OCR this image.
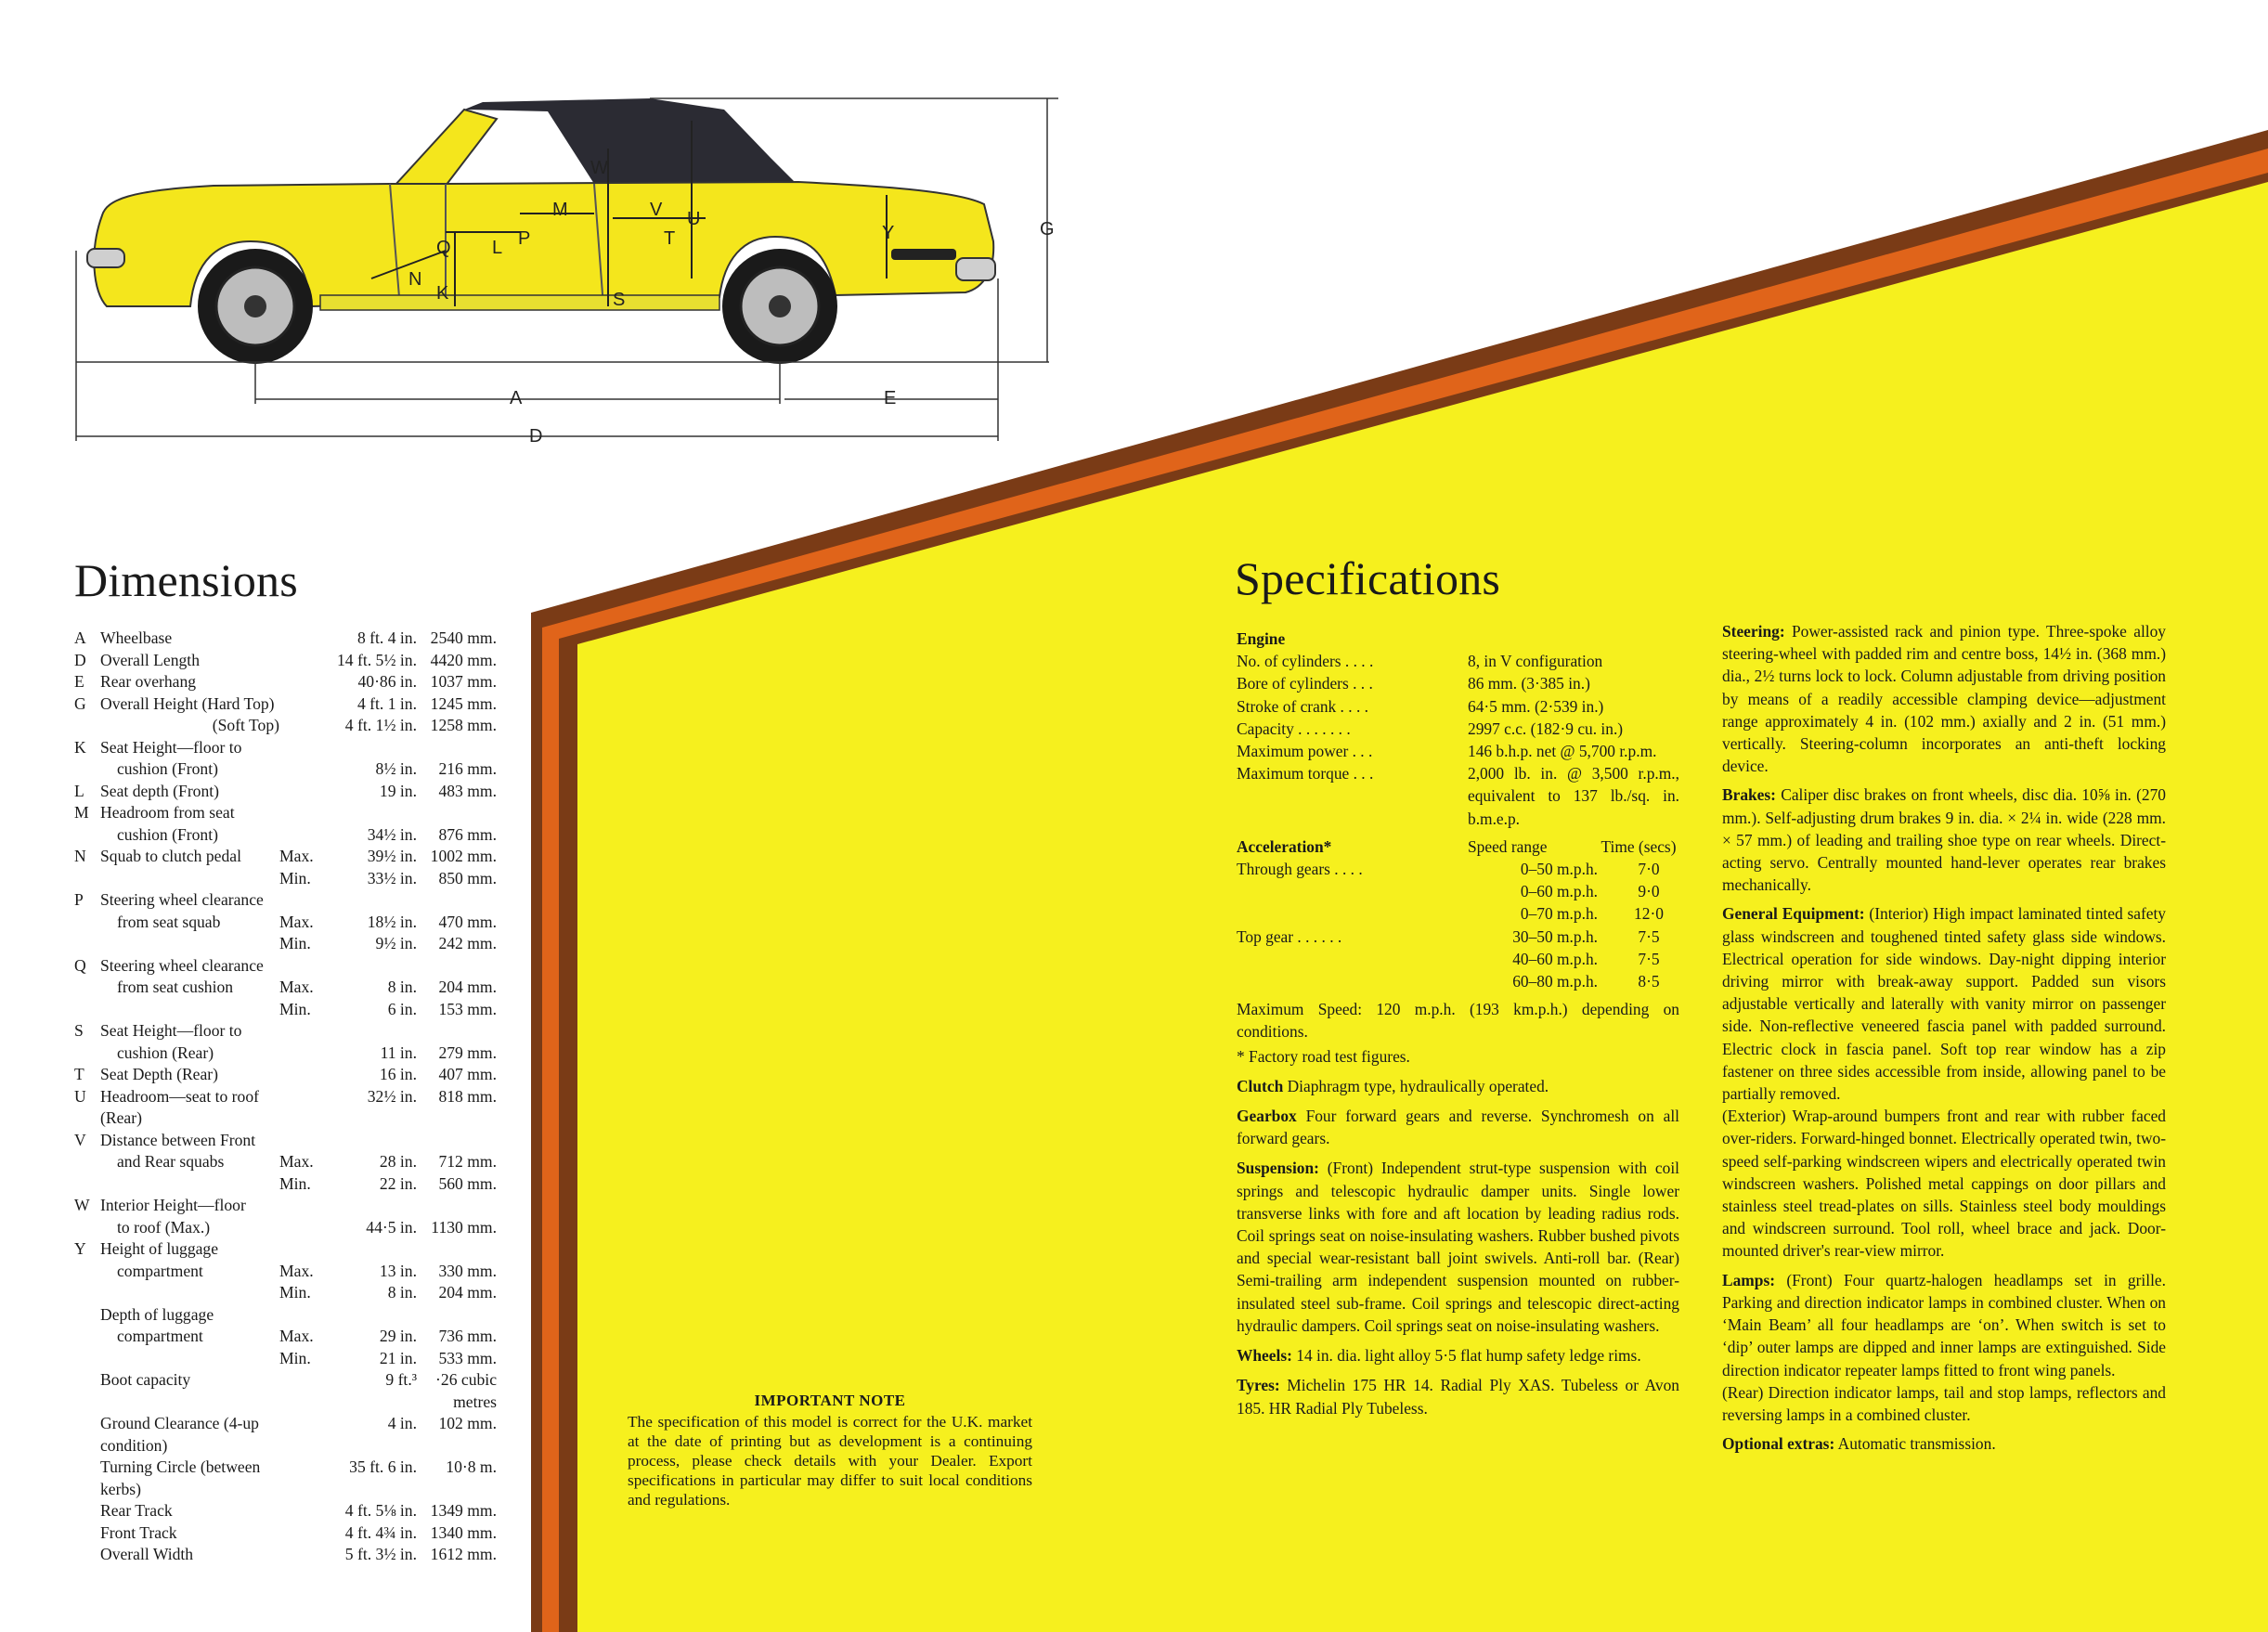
G
A	E
D
W
M	V U
P
Q L	T	Y
N
K	S
Dimensions
A Wheelbase	8 ft. 4 in. 2540 mm.
D Overall Length	14 ft. 5½ in. 4420 mm.
E Rear overhang	40·86 in. 1037 mm.
G Overall Height (Hard Top)	4 ft. 1 in. 1245 mm.
(Soft Top)	4 ft. 1½ in. 1258 mm.
K Seat Height—floor to
cushion (Front)	8½ in.	216 mm.
L Seat depth (Front)	19 in.	483 mm.
M Headroom from seat
cushion (Front)	34½ in.	876 mm.
N Squab to clutch pedal	Max.	39½ in. 1002 mm.
Min.	33½ in.	850 mm.
P	Steering wheel clearance
from seat squab	Max.	18½ in.	470 mm.
Min.	9½ in.	242 mm.
Q Steering wheel clearance
from seat cushion	Max.	8 in.	204 mm.
Min.	6 in.	153 mm.
S	Seat Height—floor to
cushion (Rear)	11 in.	279 mm.
T Seat Depth (Rear)	16 in.	407 mm.
U Headroom—seat to roof (Rear)
32½ in.	818 mm.
V Distance between Front
and Rear squabs	Max.	28 in.	712 mm.
Min.	22 in.	560 mm.
W Interior Height—floor
to roof (Max.)	44·5 in. 1130 mm.
Y Height of luggage
compartment	Max.	13 in.	330 mm.
Min.	8 in.	204 mm.
Depth of luggage
compartment	Max.	29 in.	736 mm.
Min.	21 in.	533 mm.
Boot capacity	9 ft.³	·26 cubic metres
Ground Clearance (4-up condition)
4 in.	102 mm.
Turning Circle (between kerbs)
35 ft. 6 in.	10·8 m.
Rear Track	4 ft. 5⅛ in. 1349 mm.
Front Track	4 ft. 4¾ in. 1340 mm.
Overall Width	5 ft. 3½ in. 1612 mm.
IMPORTANT NOTE
The specification of this model is correct for the U.K. market at the date of printing but as development is a continuing process, please check details with your Dealer. Export specifications in particular may differ to suit local conditions and regulations.
Specifications
Engine
No. of cylinders . . . .	8, in V configuration
Bore of cylinders . . .	86 mm. (3·385 in.)
Stroke of crank . . . .	64·5 mm. (2·539 in.)
Capacity . . . . . . .	2997 c.c. (182·9 cu. in.)
Maximum power . . .	146 b.h.p. net @ 5,700 r.p.m.
Maximum torque . . .	2,000 lb. in. @ 3,500 r.p.m., equivalent to 137 lb./sq. in. b.m.e.p.
Acceleration*	Speed range	Time (secs)
Through gears . . . .	0–50 m.p.h.	7·0
0–60 m.p.h.	9·0
0–70 m.p.h.	12·0
Top gear . . . . . .	30–50 m.p.h.	7·5
40–60 m.p.h.	7·5
60–80 m.p.h.	8·5
Maximum Speed: 120 m.p.h. (193 km.p.h.) depending on conditions.
* Factory road test figures.
Clutch Diaphragm type, hydraulically operated.
Gearbox Four forward gears and reverse. Synchromesh on all forward gears.
Suspension: (Front) Independent strut-type suspension with coil springs and telescopic hydraulic damper units. Single lower transverse links with fore and aft location by leading radius rods. Coil springs seat on noise-insulating washers. Rubber bushed pivots and special wear-resistant ball joint swivels. Anti-roll bar. (Rear) Semi-trailing arm independent suspension mounted on rubber-insulated steel sub-frame. Coil springs and telescopic direct-acting hydraulic dampers. Coil springs seat on noise-insulating washers.
Wheels: 14 in. dia. light alloy 5·5 flat hump safety ledge rims.
Tyres: Michelin 175 HR 14. Radial Ply XAS. Tubeless or Avon 185. HR Radial Ply Tubeless.
Steering: Power-assisted rack and pinion type. Three-spoke alloy steering-wheel with padded rim and centre boss, 14½ in. (368 mm.) dia., 2½ turns lock to lock. Column adjustable from driving position by means of a readily accessible clamping device—adjustment range approximately 4 in. (102 mm.) axially and 2 in. (51 mm.) vertically. Steering-column incorporates an anti-theft locking device.
Brakes: Caliper disc brakes on front wheels, disc dia. 10⅝ in. (270 mm.). Self-adjusting drum brakes 9 in. dia. × 2¼ in. wide (228 mm. × 57 mm.) of leading and trailing shoe type on rear wheels. Direct-acting servo. Centrally mounted hand-lever operates rear brakes mechanically.
General Equipment: (Interior) High impact laminated tinted safety glass windscreen and toughened tinted safety glass side windows. Electrical operation for side windows. Day-night dipping interior driving mirror with break-away support. Padded sun visors adjustable vertically and laterally with vanity mirror on passenger side. Non-reflective veneered fascia panel with padded surround. Electric clock in fascia panel. Soft top rear window has a zip fastener on three sides accessible from inside, allowing panel to be partially removed.
(Exterior) Wrap-around bumpers front and rear with rubber faced over-riders. Forward-hinged bonnet. Electrically operated twin, two-speed self-parking windscreen wipers and electrically operated twin windscreen washers. Polished metal cappings on door pillars and stainless steel tread-plates on sills. Stainless steel body mouldings and windscreen surround. Tool roll, wheel brace and jack. Door-mounted driver's rear-view mirror.
Lamps: (Front) Four quartz-halogen headlamps set in grille. Parking and direction indicator lamps in combined cluster. When on ‘Main Beam’ all four headlamps are ‘on’. When switch is set to ‘dip’ outer lamps are dipped and inner lamps are extinguished. Side direction indicator repeater lamps fitted to front wing panels.
(Rear) Direction indicator lamps, tail and stop lamps, reflectors and reversing lamps in a combined cluster.
Optional extras: Automatic transmission.
